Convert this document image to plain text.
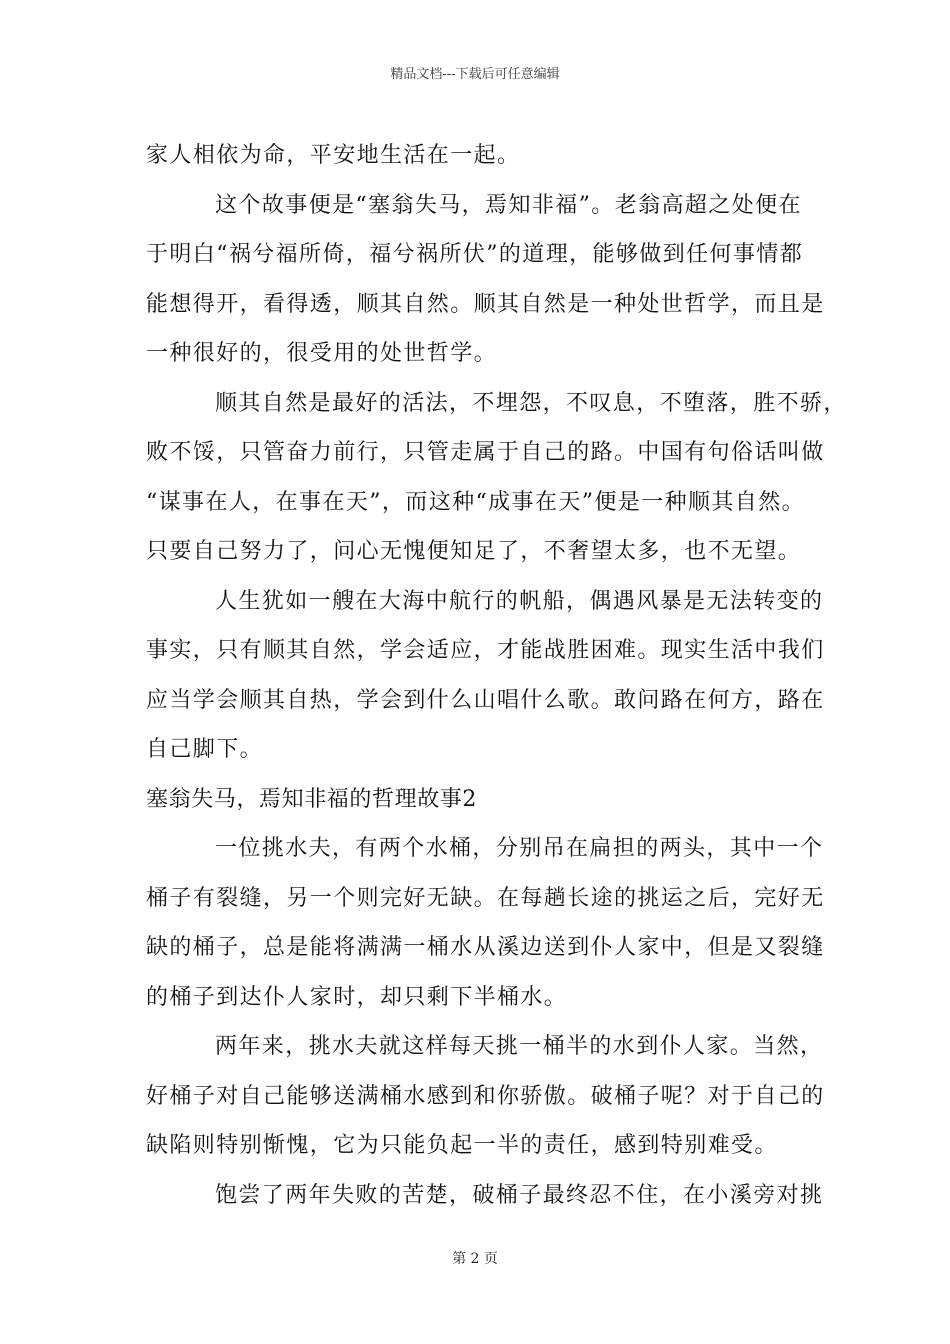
精品文档---下载后可任意编辑
家人相依为命，平安地生活在一起。
这个故事便是“塞翁失马，焉知非福”。老翁高超之处便在
于明白“祸兮福所倚，福兮祸所伏”的道理，能够做到任何事情都
能想得开，看得透，顺其自然。顺其自然是一种处世哲学，而且是
一种很好的，很受用的处世哲学。
顺其自然是最好的活法，不埋怨，不叹息，不堕落，胜不骄，
败不馁，只管奋力前行，只管走属于自己的路。中国有句俗话叫做
“谋事在人，在事在天”，而这种“成事在天”便是一种顺其自然。
只要自己努力了，问心无愧便知足了，不奢望太多，也不无望。
人生犹如一艘在大海中航行的帆船，偶遇风暴是无法转变的
事实，只有顺其自然，学会适应，才能战胜困难。现实生活中我们
应当学会顺其自热，学会到什么山唱什么歌。敢问路在何方，路在
自己脚下。
塞翁失马，焉知非福的哲理故事2
一位挑水夫，有两个水桶，分别吊在扁担的两头，其中一个
桶子有裂缝，另一个则完好无缺。在每趟长途的挑运之后，完好无
缺的桶子，总是能将满满一桶水从溪边送到仆人家中，但是又裂缝
的桶子到达仆人家时，却只剩下半桶水。
两年来，挑水夫就这样每天挑一桶半的水到仆人家。当然，
好桶子对自己能够送满桶水感到和你骄傲。破桶子呢？对于自己的
缺陷则特别惭愧，它为只能负起一半的责任，感到特别难受。
饱尝了两年失败的苦楚，破桶子最终忍不住，在小溪旁对挑
第 2 页
